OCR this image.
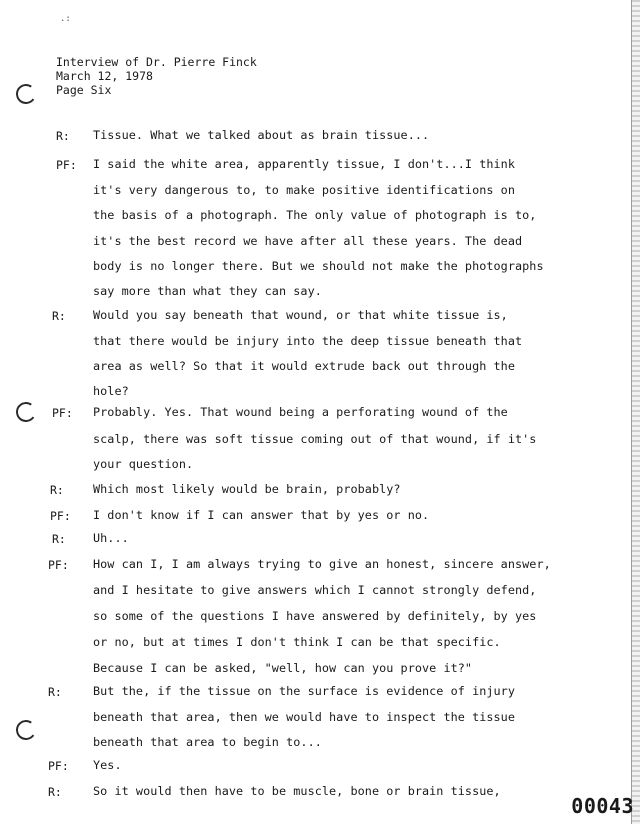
.:
Interview of Dr. Pierre Finck
March 12, 1978
Page Six
R: Tissue. What we talked about as brain tissue...
PF: I said the white area, apparently tissue, I don't...I think
it's very dangerous to, to make positive identifications on
the basis of a photograph. The only value of photograph is to,
it's the best record we have after all these years. The dead
body is no longer there. But we should not make the photographs
say more than what they can say.
R: Would you say beneath that wound, or that white tissue is,
that there would be injury into the deep tissue beneath that
area as well? So that it would extrude back out through the
hole?
PF: Probably. Yes. That wound being a perforating wound of the
scalp, there was soft tissue coming out of that wound, if it's
your question.
R: Which most likely would be brain, probably?
PF: I don't know if I can answer that by yes or no.
R: Uh...
PF: How can I, I am always trying to give an honest, sincere answer,
and I hesitate to give answers which I cannot strongly defend,
so some of the questions I have answered by definitely, by yes
or no, but at times I don't think I can be that specific.
Because I can be asked, "well, how can you prove it?"
R:	But the, if the tissue on the surface is evidence of injury
beneath that area, then we would have to inspect the tissue
beneath that area to begin to...
PF: Yes.
R:	So it would then have to be muscle, bone or brain tissue,
00043
